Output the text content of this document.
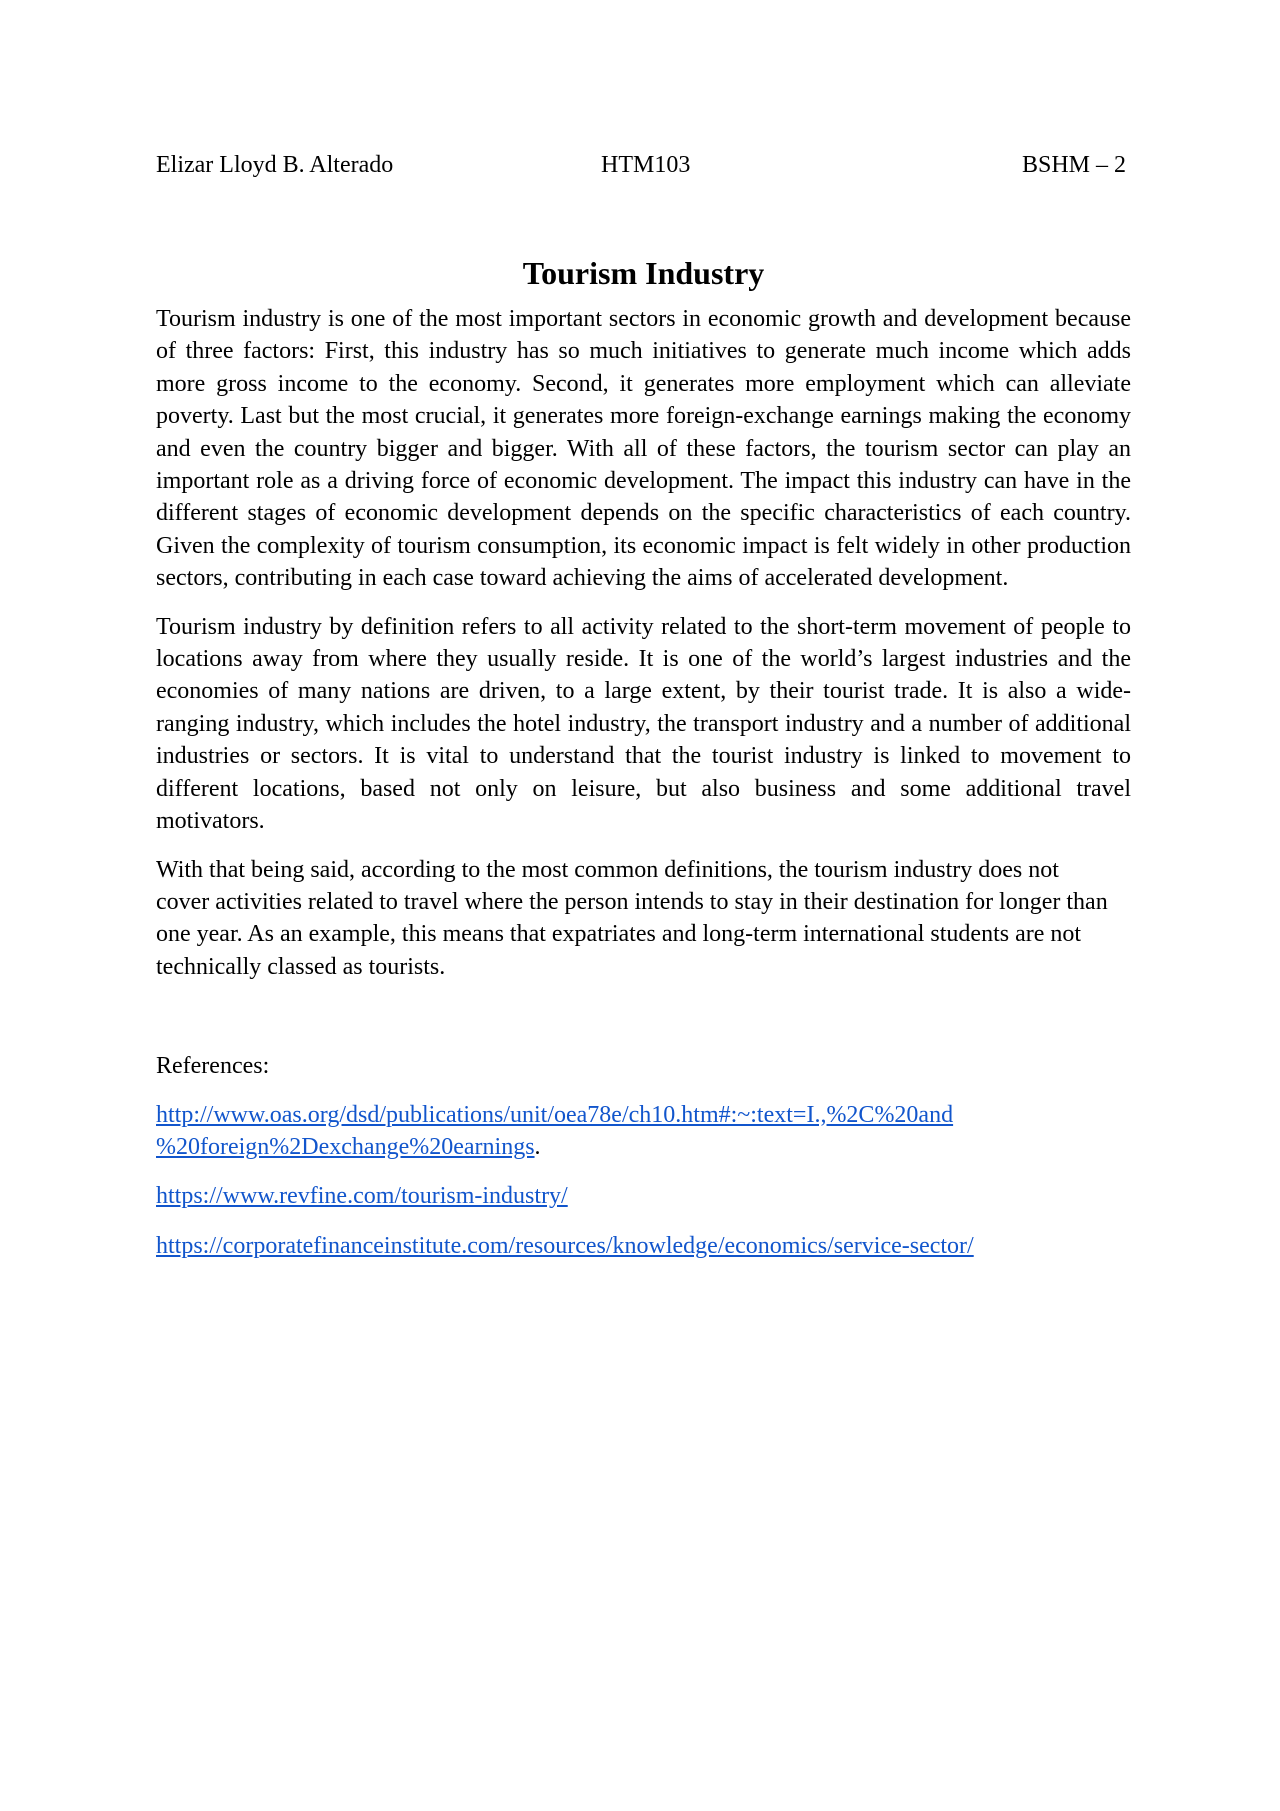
Elizar Lloyd B. Alterado	HTM103	BSHM – 2
Tourism Industry

Tourism industry is one of the most important sectors in economic growth and development because of three factors: First, this industry has so much initiatives to generate much income which adds more gross income to the economy. Second, it generates more employment which can alleviate poverty. Last but the most crucial, it generates more foreign-exchange earnings making the economy and even the country bigger and bigger. With all of these factors, the tourism sector can play an important role as a driving force of economic development. The impact this industry can have in the different stages of economic development depends on the specific characteristics of each country. Given the complexity of tourism consumption, its economic impact is felt widely in other production sectors, contributing in each case toward achieving the aims of accelerated development.

Tourism industry by definition refers to all activity related to the short-term movement of people to locations away from where they usually reside. It is one of the world’s largest industries and the economies of many nations are driven, to a large extent, by their tourist trade. It is also a wide-ranging industry, which includes the hotel industry, the transport industry and a number of additional industries or sectors. It is vital to understand that the tourist industry is linked to movement to different locations, based not only on leisure, but also business and some additional travel motivators.

With that being said, according to the most common definitions, the tourism industry does not cover activities related to travel where the person intends to stay in their destination for longer than one year. As an example, this means that expatriates and long-term international students are not technically classed as tourists.

References:

http://www.oas.org/dsd/publications/unit/oea78e/ch10.htm#:~:text=I.,%2C%20and
%20foreign%2Dexchange%20earnings.

https://www.revfine.com/tourism-industry/

https://corporatefinanceinstitute.com/resources/knowledge/economics/service-sector/
